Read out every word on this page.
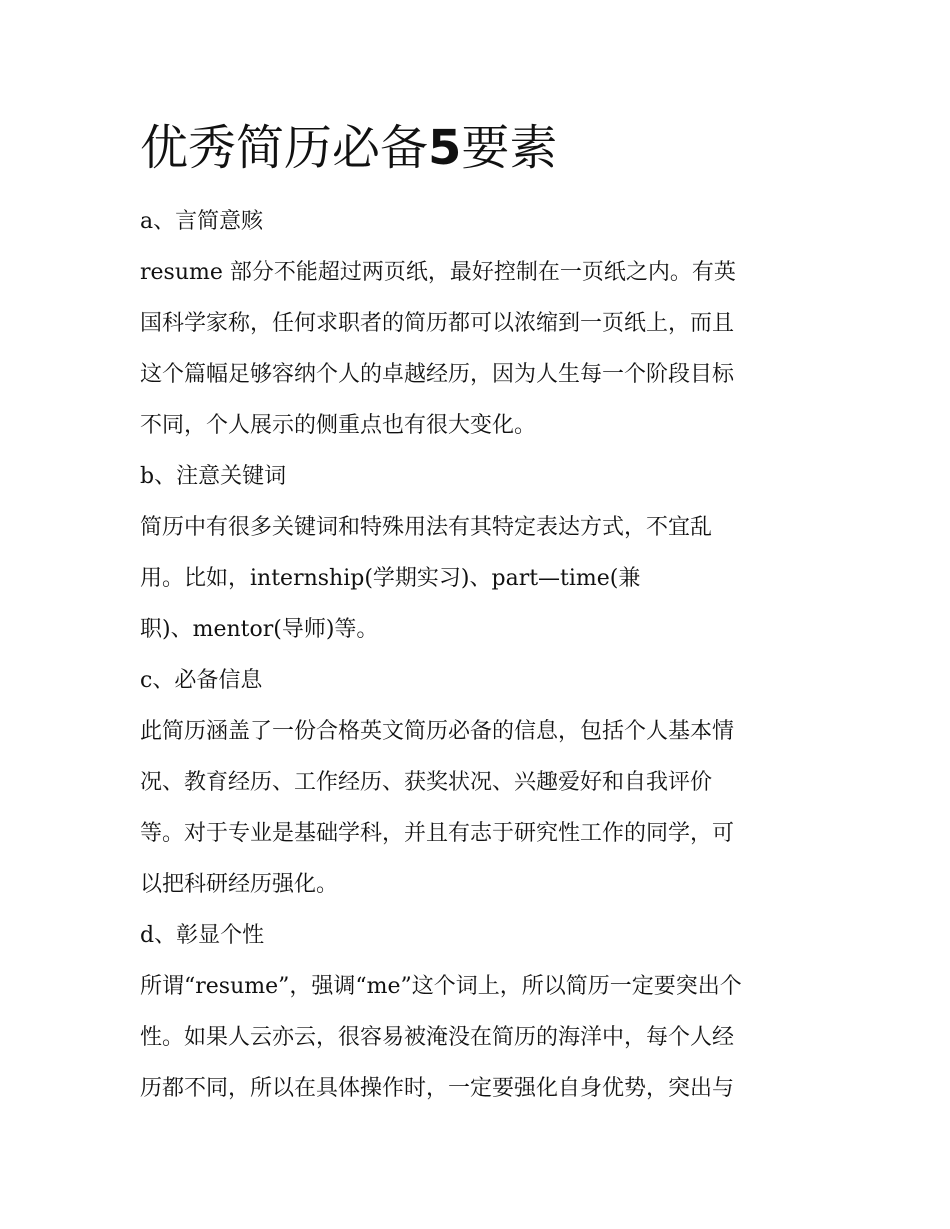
优秀简历必备5要素

a、言简意赅

resume 部分不能超过两页纸，最好控制在一页纸之内。有英

国科学家称，任何求职者的简历都可以浓缩到一页纸上，而且

这个篇幅足够容纳个人的卓越经历，因为人生每一个阶段目标

不同，个人展示的侧重点也有很大变化。

b、注意关键词

简历中有很多关键词和特殊用法有其特定表达方式，不宜乱

用。比如，internship(学期实习)、part—time(兼

职)、mentor(导师)等。

c、必备信息

此简历涵盖了一份合格英文简历必备的信息，包括个人基本情

况、教育经历、工作经历、获奖状况、兴趣爱好和自我评价

等。对于专业是基础学科，并且有志于研究性工作的同学，可

以把科研经历强化。

d、彰显个性

所谓“resume”，强调“me”这个词上，所以简历一定要突出个

性。如果人云亦云，很容易被淹没在简历的海洋中，每个人经

历都不同，所以在具体操作时，一定要强化自身优势，突出与
